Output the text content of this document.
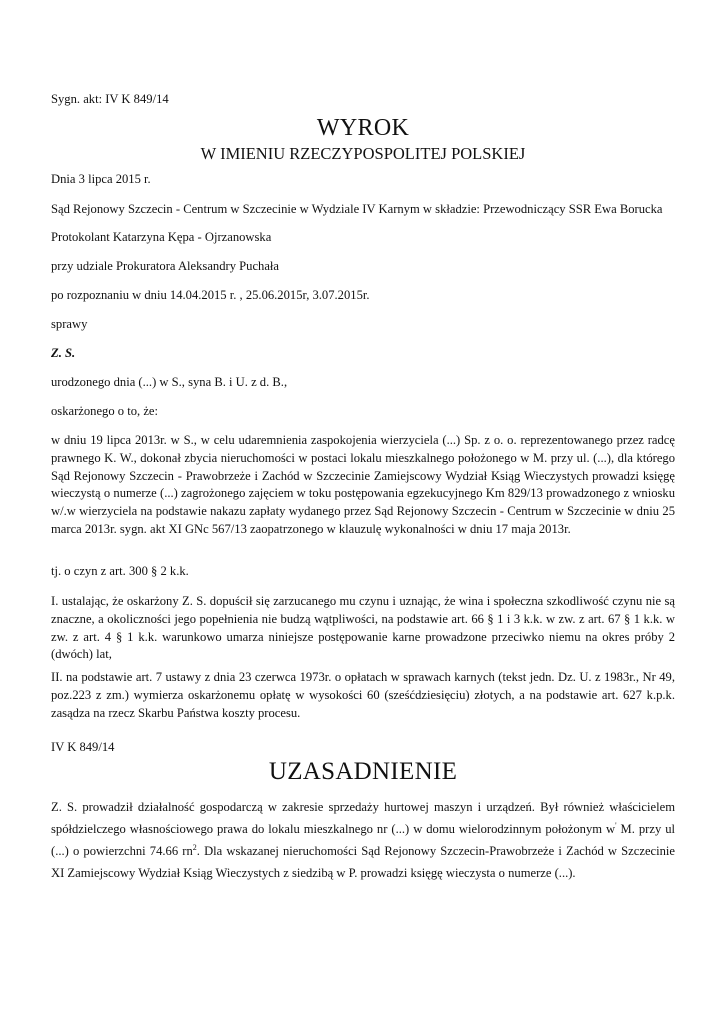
Sygn. akt: IV K 849/14

WYROK

W IMIENIU RZECZYPOSPOLITEJ POLSKIEJ

Dnia 3 lipca 2015 r.

Sąd Rejonowy Szczecin - Centrum w Szczecinie w Wydziale IV Karnym w składzie: Przewodniczący SSR Ewa Borucka

Protokolant Katarzyna Kępa - Ojrzanowska

przy udziale Prokuratora Aleksandry Puchała

po rozpoznaniu w dniu 14.04.2015 r. , 25.06.2015r, 3.07.2015r.

sprawy

Z. S.

urodzonego dnia (...) w S., syna B. i U. z d. B.,

oskarżonego o to, że:

w dniu 19 lipca 2013r. w S., w celu udaremnienia zaspokojenia wierzyciela (...) Sp. z o. o. reprezentowanego przez radcę prawnego K. W., dokonał zbycia nieruchomości w postaci lokalu mieszkalnego położonego w M. przy ul. (...), dla którego Sąd Rejonowy Szczecin - Prawobrzeże i Zachód w Szczecinie Zamiejscowy Wydział Ksiąg Wieczystych prowadzi księgę wieczystą o numerze (...) zagrożonego zajęciem w toku postępowania egzekucyjnego Km 829/13 prowadzonego z wniosku w/.w wierzyciela na podstawie nakazu zapłaty wydanego przez Sąd Rejonowy Szczecin - Centrum w Szczecinie w dniu 25 marca 2013r. sygn. akt XI GNc 567/13 zaopatrzonego w klauzulę wykonalności w dniu 17 maja 2013r.

tj. o czyn z art. 300 § 2 k.k.

I. ustalając, że oskarżony Z. S. dopuścił się zarzucanego mu czynu i uznając, że wina i społeczna szkodliwość czynu nie są znaczne, a okoliczności jego popełnienia nie budzą wątpliwości, na podstawie art. 66 § 1 i 3 k.k. w zw. z art. 67 § 1 k.k. w zw. z art. 4 § 1 k.k. warunkowo umarza niniejsze postępowanie karne prowadzone przeciwko niemu na okres próby 2 (dwóch) lat,

II. na podstawie art. 7 ustawy z dnia 23 czerwca 1973r. o opłatach w sprawach karnych (tekst jedn. Dz. U. z 1983r., Nr 49, poz.223 z zm.) wymierza oskarżonemu opłatę w wysokości 60 (sześćdziesięciu) złotych, a na podstawie art. 627 k.p.k. zasądza na rzecz Skarbu Państwa koszty procesu.

IV K 849/14

UZASADNIENIE

Z. S. prowadził działalność gospodarczą w zakresie sprzedaży hurtowej maszyn i urządzeń. Był również właścicielem spółdzielczego własnościowego prawa do lokalu mieszkalnego nr (...) w domu wielorodzinnym położonym w' M. przy ul (...) o powierzchni 74.66 $rn^2$. Dla wskazanej nieruchomości Sąd Rejonowy Szczecin-Prawobrzeże i Zachód w Szczecinie XI Zamiejscowy Wydział Ksiąg Wieczystych z siedzibą w P. prowadzi księgę wieczysta o numerze (...).
